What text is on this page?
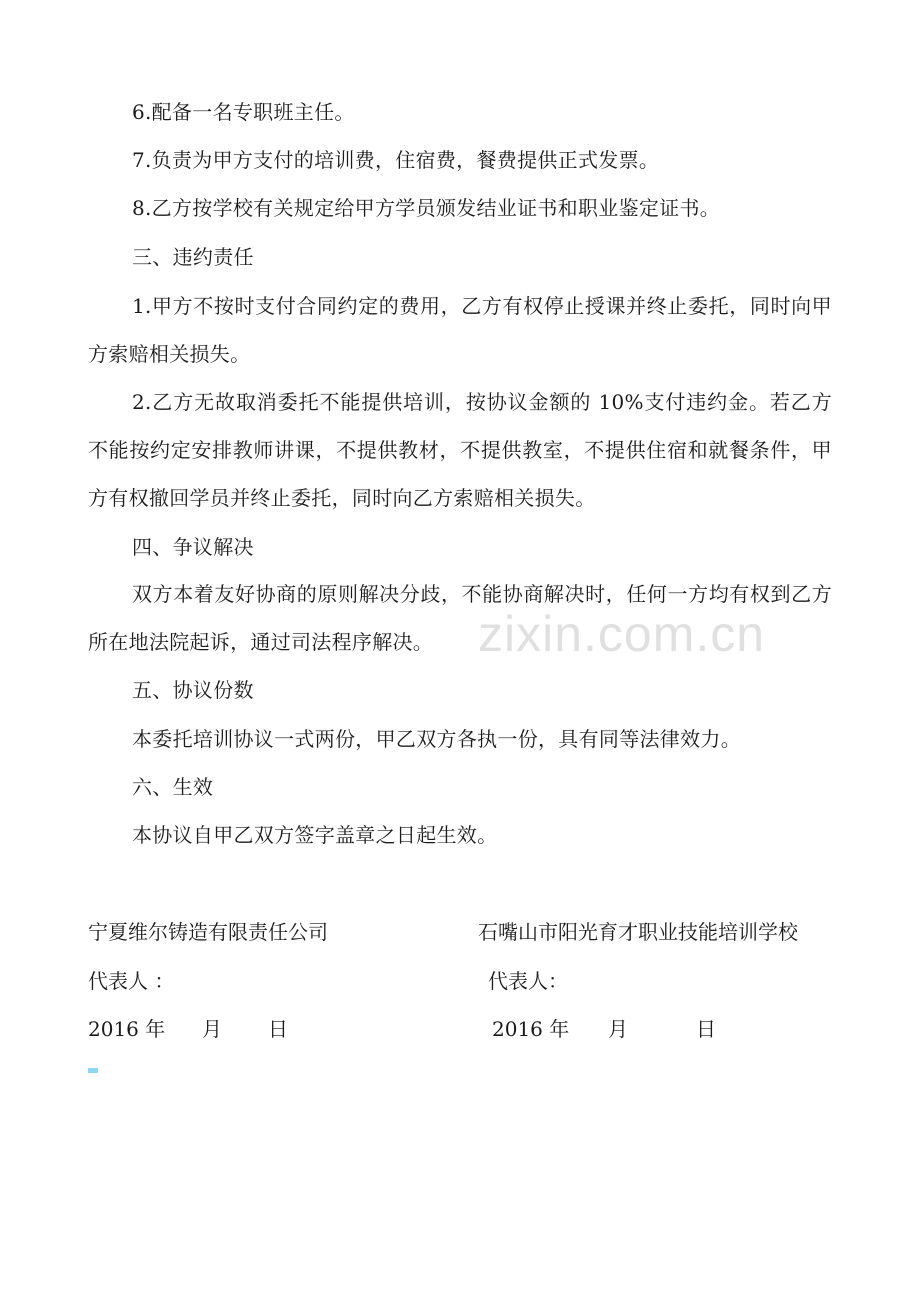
6.配备一名专职班主任。

7.负责为甲方支付的培训费，住宿费，餐费提供正式发票。

8.乙方按学校有关规定给甲方学员颁发结业证书和职业鉴定证书。

三、违约责任

1.甲方不按时支付合同约定的费用，乙方有权停止授课并终止委托，同时向甲方索赔相关损失。

2.乙方无故取消委托不能提供培训，按协议金额的 10%支付违约金。若乙方不能按约定安排教师讲课，不提供教材，不提供教室，不提供住宿和就餐条件，甲方有权撤回学员并终止委托，同时向乙方索赔相关损失。

四、争议解决

双方本着友好协商的原则解决分歧，不能协商解决时，任何一方均有权到乙方所在地法院起诉，通过司法程序解决。

五、协议份数

本委托培训协议一式两份，甲乙双方各执一份，具有同等法律效力。

六、生效

本协议自甲乙双方签字盖章之日起生效。

宁夏维尔铸造有限责任公司
代表人 ：
2016 年 月 日
石嘴山市阳光育才职业技能培训学校
代表人：
2016 年 月	日
zixin.com.cn
